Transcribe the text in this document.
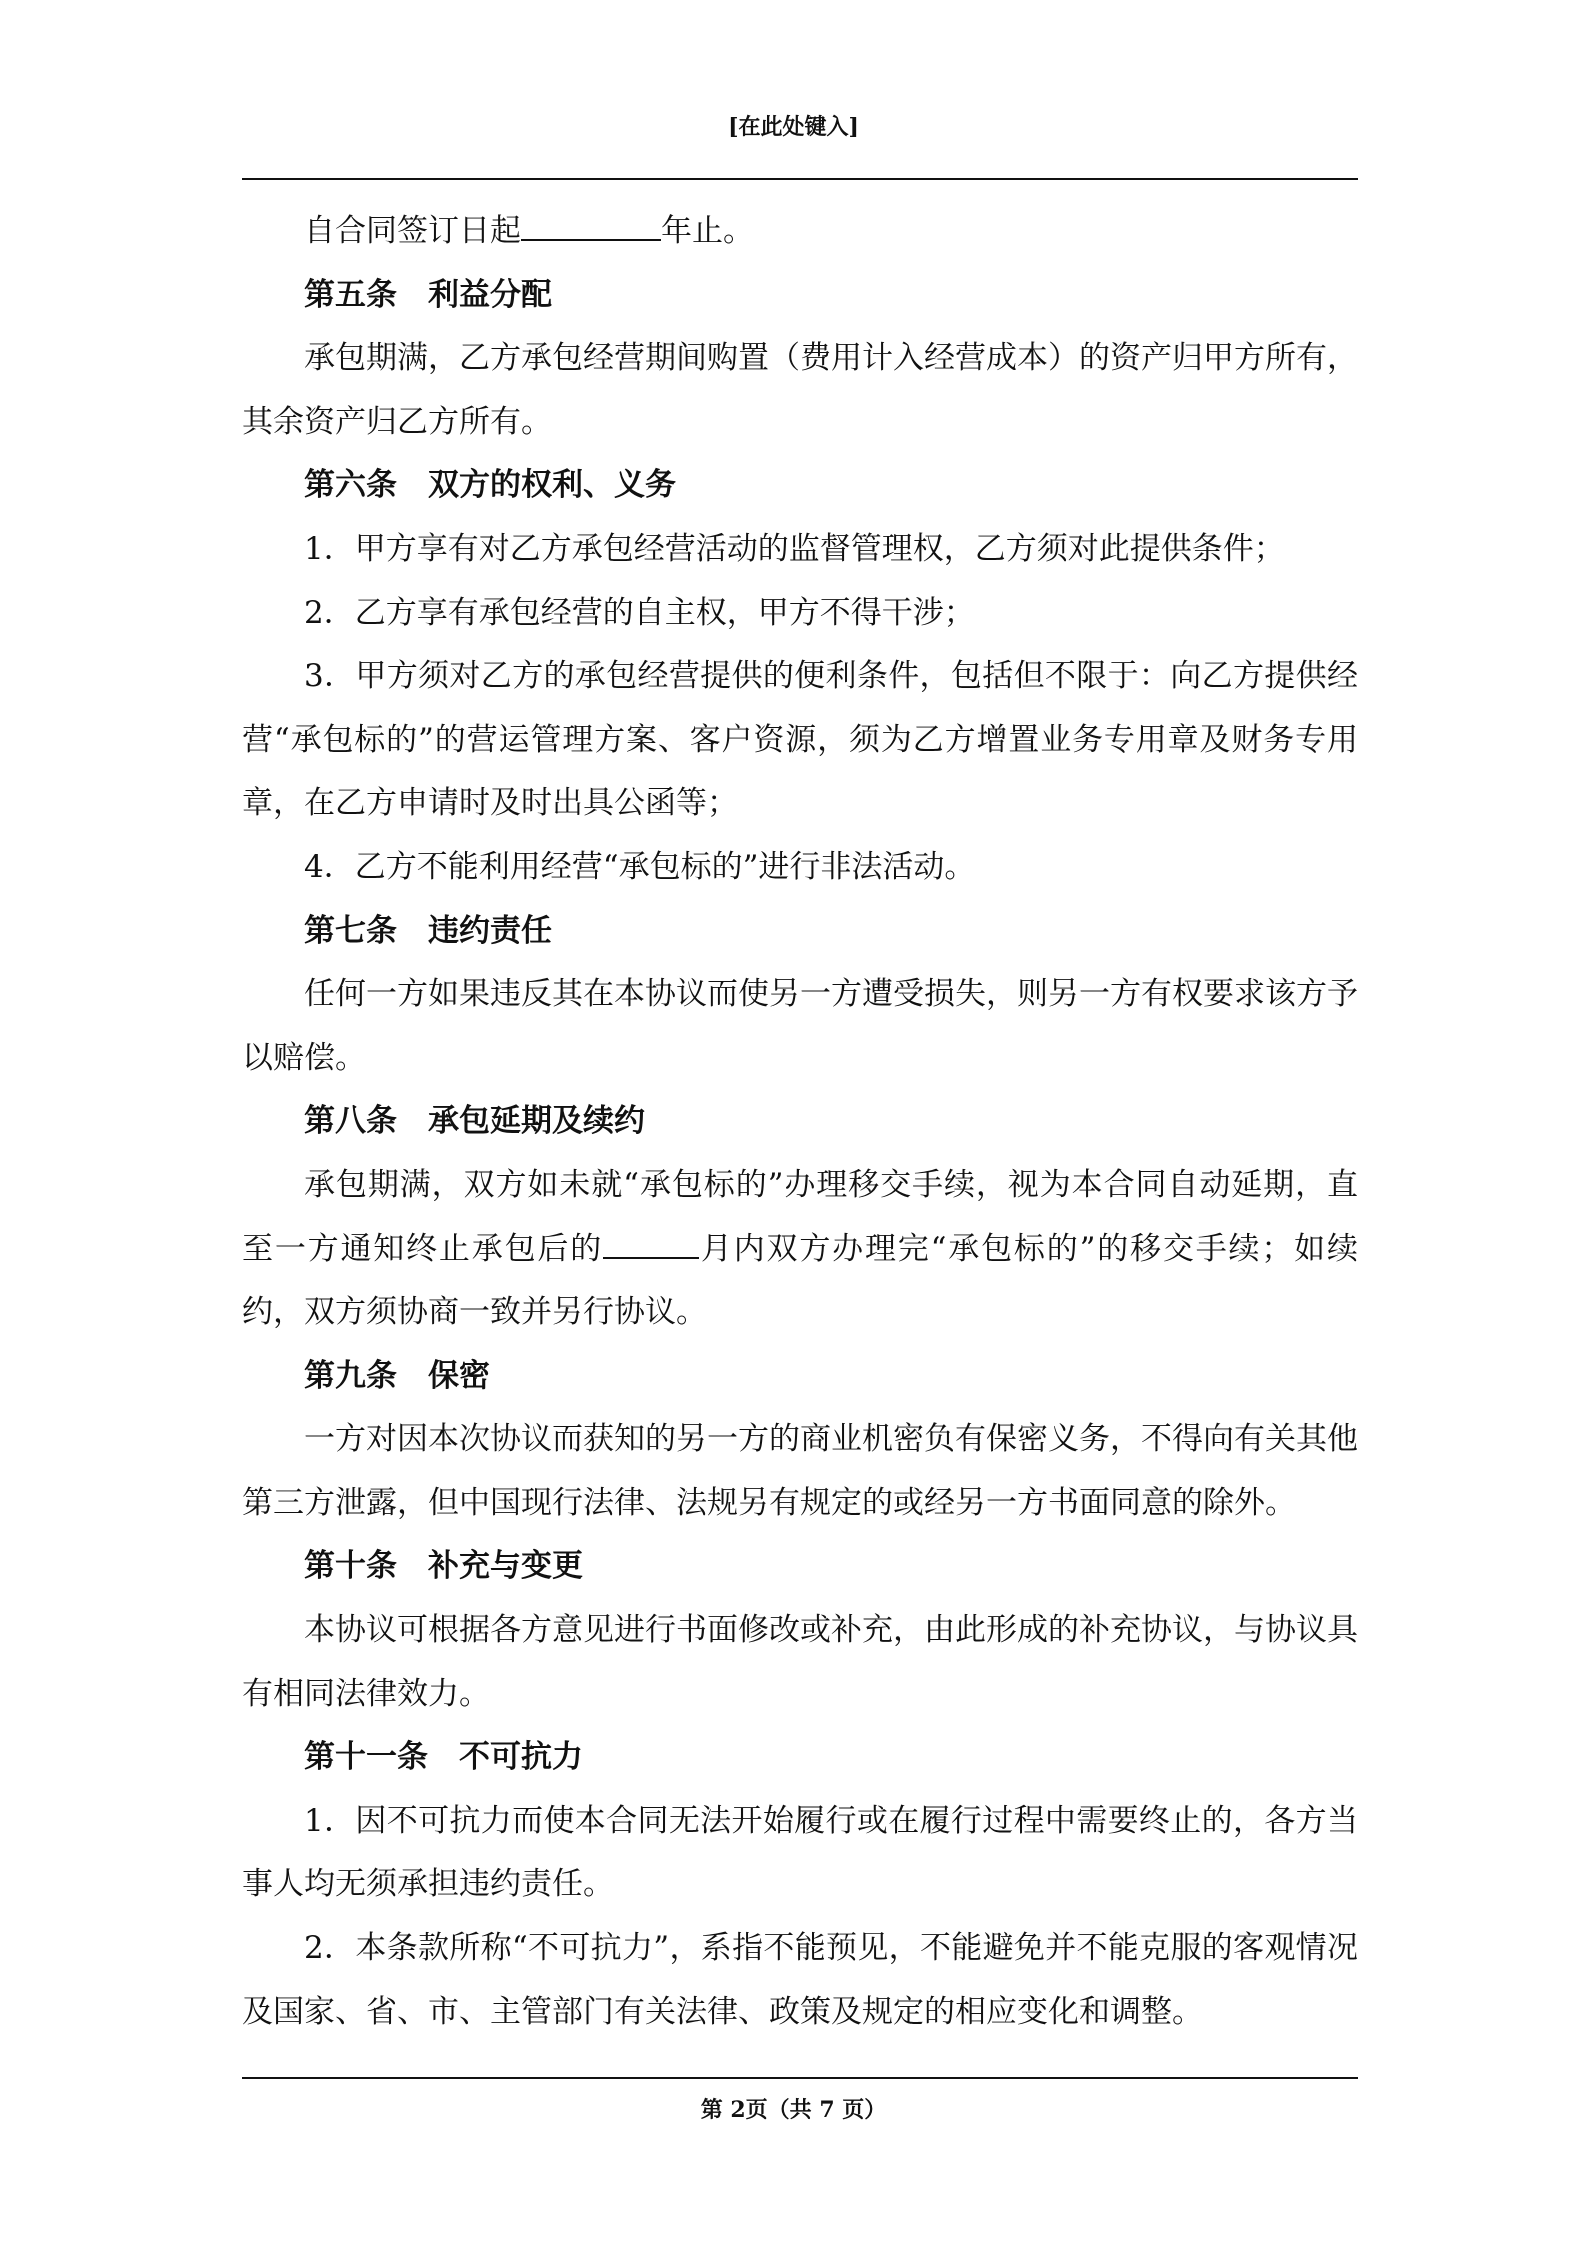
[在此处键入]

自合同签订日起	年止。

第五条　利益分配

承包期满，乙方承包经营期间购置（费用计入经营成本）的资产归甲方所有，其余资产归乙方所有。

第六条　双方的权利、义务

1．甲方享有对乙方承包经营活动的监督管理权，乙方须对此提供条件；

2．乙方享有承包经营的自主权，甲方不得干涉；

3．甲方须对乙方的承包经营提供的便利条件，包括但不限于：向乙方提供经营“承包标的”的营运管理方案、客户资源，须为乙方增置业务专用章及财务专用章，在乙方申请时及时出具公函等；

4．乙方不能利用经营“承包标的”进行非法活动。

第七条　违约责任

任何一方如果违反其在本协议而使另一方遭受损失，则另一方有权要求该方予以赔偿。

第八条　承包延期及续约

承包期满，双方如未就“承包标的”办理移交手续，视为本合同自动延期，直至一方通知终止承包后的	月内双方办理完“承包标的”的移交手续；如续约，双方须协商一致并另行协议。

第九条　保密

一方对因本次协议而获知的另一方的商业机密负有保密义务，不得向有关其他第三方泄露，但中国现行法律、法规另有规定的或经另一方书面同意的除外。

第十条　补充与变更

本协议可根据各方意见进行书面修改或补充，由此形成的补充协议，与协议具有相同法律效力。

第十一条　不可抗力

1．因不可抗力而使本合同无法开始履行或在履行过程中需要终止的，各方当事人均无须承担违约责任。

2．本条款所称“不可抗力”，系指不能预见，不能避免并不能克服的客观情况及国家、省、市、主管部门有关法律、政策及规定的相应变化和调整。

第 2页（共 7 页）
